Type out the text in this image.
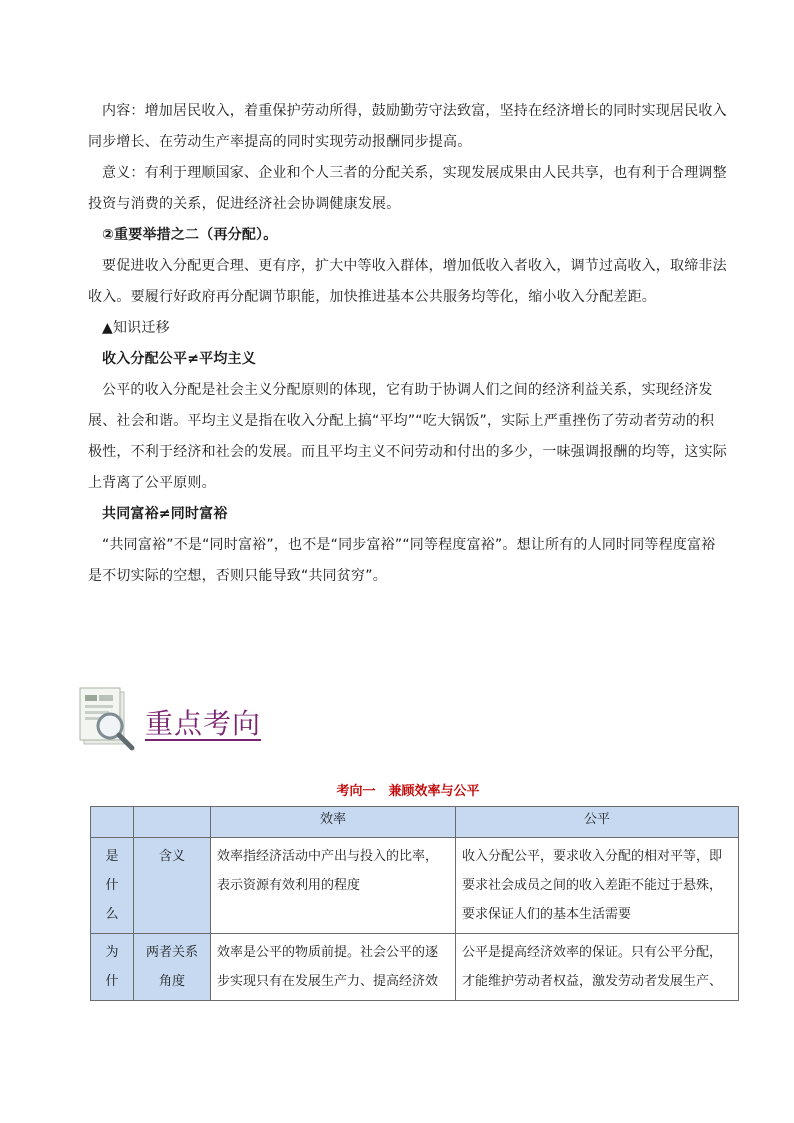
内容：增加居民收入，着重保护劳动所得，鼓励勤劳守法致富，坚持在经济增长的同时实现居民收入同步增长、在劳动生产率提高的同时实现劳动报酬同步提高。

意义：有利于理顺国家、企业和个人三者的分配关系，实现发展成果由人民共享，也有利于合理调整投资与消费的关系，促进经济社会协调健康发展。

②重要举措之二（再分配）。

要促进收入分配更合理、更有序，扩大中等收入群体，增加低收入者收入，调节过高收入，取缔非法收入。要履行好政府再分配调节职能，加快推进基本公共服务均等化，缩小收入分配差距。

▲知识迁移

收入分配公平≠平均主义

公平的收入分配是社会主义分配原则的体现，它有助于协调人们之间的经济利益关系，实现经济发展、社会和谐。平均主义是指在收入分配上搞“平均”“吃大锅饭”，实际上严重挫伤了劳动者劳动的积极性，不利于经济和社会的发展。而且平均主义不问劳动和付出的多少，一味强调报酬的均等，这实际上背离了公平原则。

共同富裕≠同时富裕

“共同富裕”不是“同时富裕”，也不是“同步富裕”“同等程度富裕”。想让所有的人同时同等程度富裕是不切实际的空想，否则只能导致“共同贫穷”。

重点考向
考向一　兼顾效率与公平
		效率	公平

是
什
么	含义	效率指经济活动中产出与投入的比率，表示资源有效利用的程度	收入分配公平，要求收入分配的相对平等，即要求社会成员之间的收入差距不能过于悬殊，要求保证人们的基本生活需要

为
什	两者关系角度	效率是公平的物质前提。社会公平的逐步实现只有在发展生产力、提高经济效	公平是提高经济效率的保证。只有公平分配，才能维护劳动者权益，激发劳动者发展生产、
